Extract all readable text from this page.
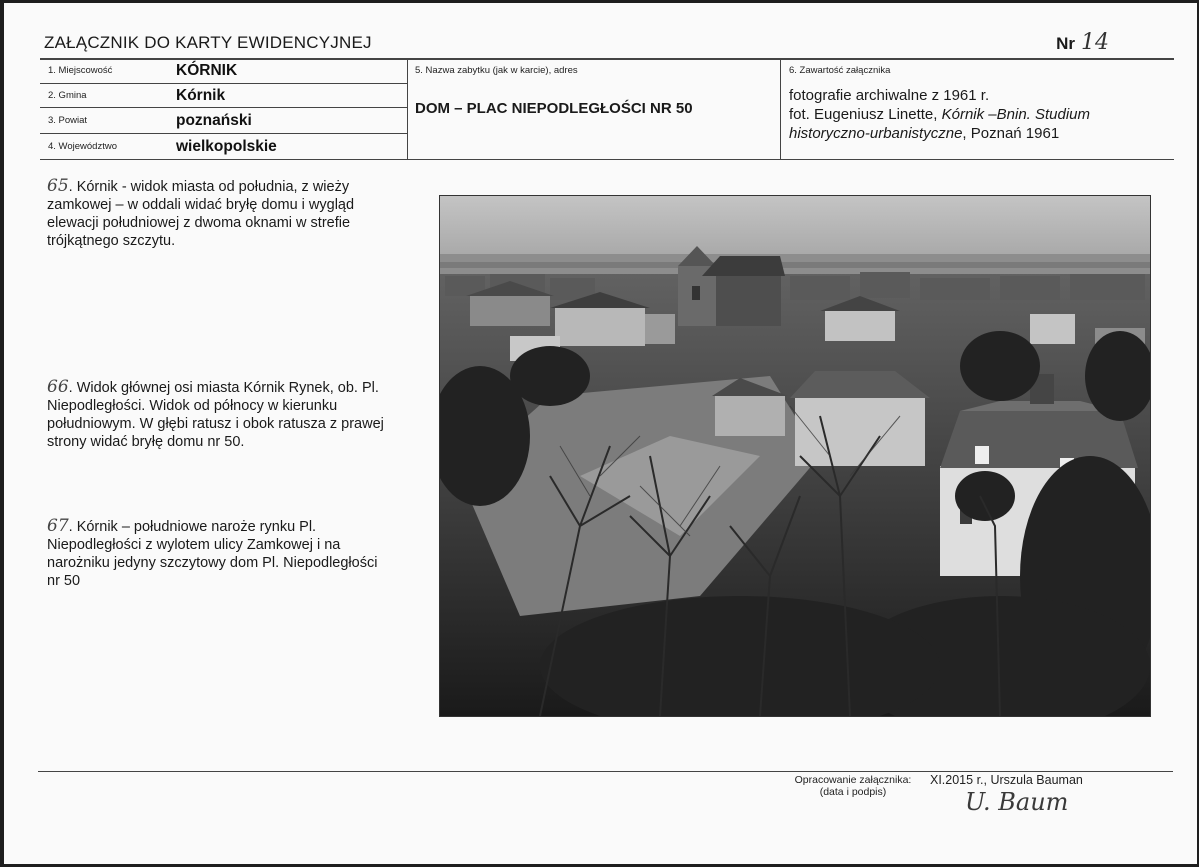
ZAŁĄCZNIK DO KARTY EWIDENCYJNEJ	Nr 14
1. Miejscowość	KÓRNIK
2. Gmina	Kórnik
3. Powiat	poznański
4. Województwo	wielkopolskie
5. Nazwa zabytku (jak w karcie), adres
DOM – PLAC NIEPODLEGŁOŚCI NR 50
6. Zawartość załącznika
fotografie archiwalne z 1961 r.
fot. Eugeniusz Linette, Kórnik –Bnin. Studium
historyczno-urbanistyczne, Poznań 1961
65. Kórnik - widok miasta od południa, z wieży zamkowej – w oddali widać bryłę domu i wygląd elewacji południowej z dwoma oknami w strefie trójkątnego szczytu.
66. Widok głównej osi miasta Kórnik Rynek, ob. Pl. Niepodległości. Widok od północy w kierunku południowym. W głębi ratusz i obok ratusza z prawej strony widać bryłę domu nr 50.
67. Kórnik – południowe naroże rynku Pl. Niepodległości z wylotem ulicy Zamkowej i na narożniku jedyny szczytowy dom Pl. Niepodległości nr 50
Opracowanie załącznika:
(data i podpis)
XI.2015 r., Urszula Bauman
U. Baum
